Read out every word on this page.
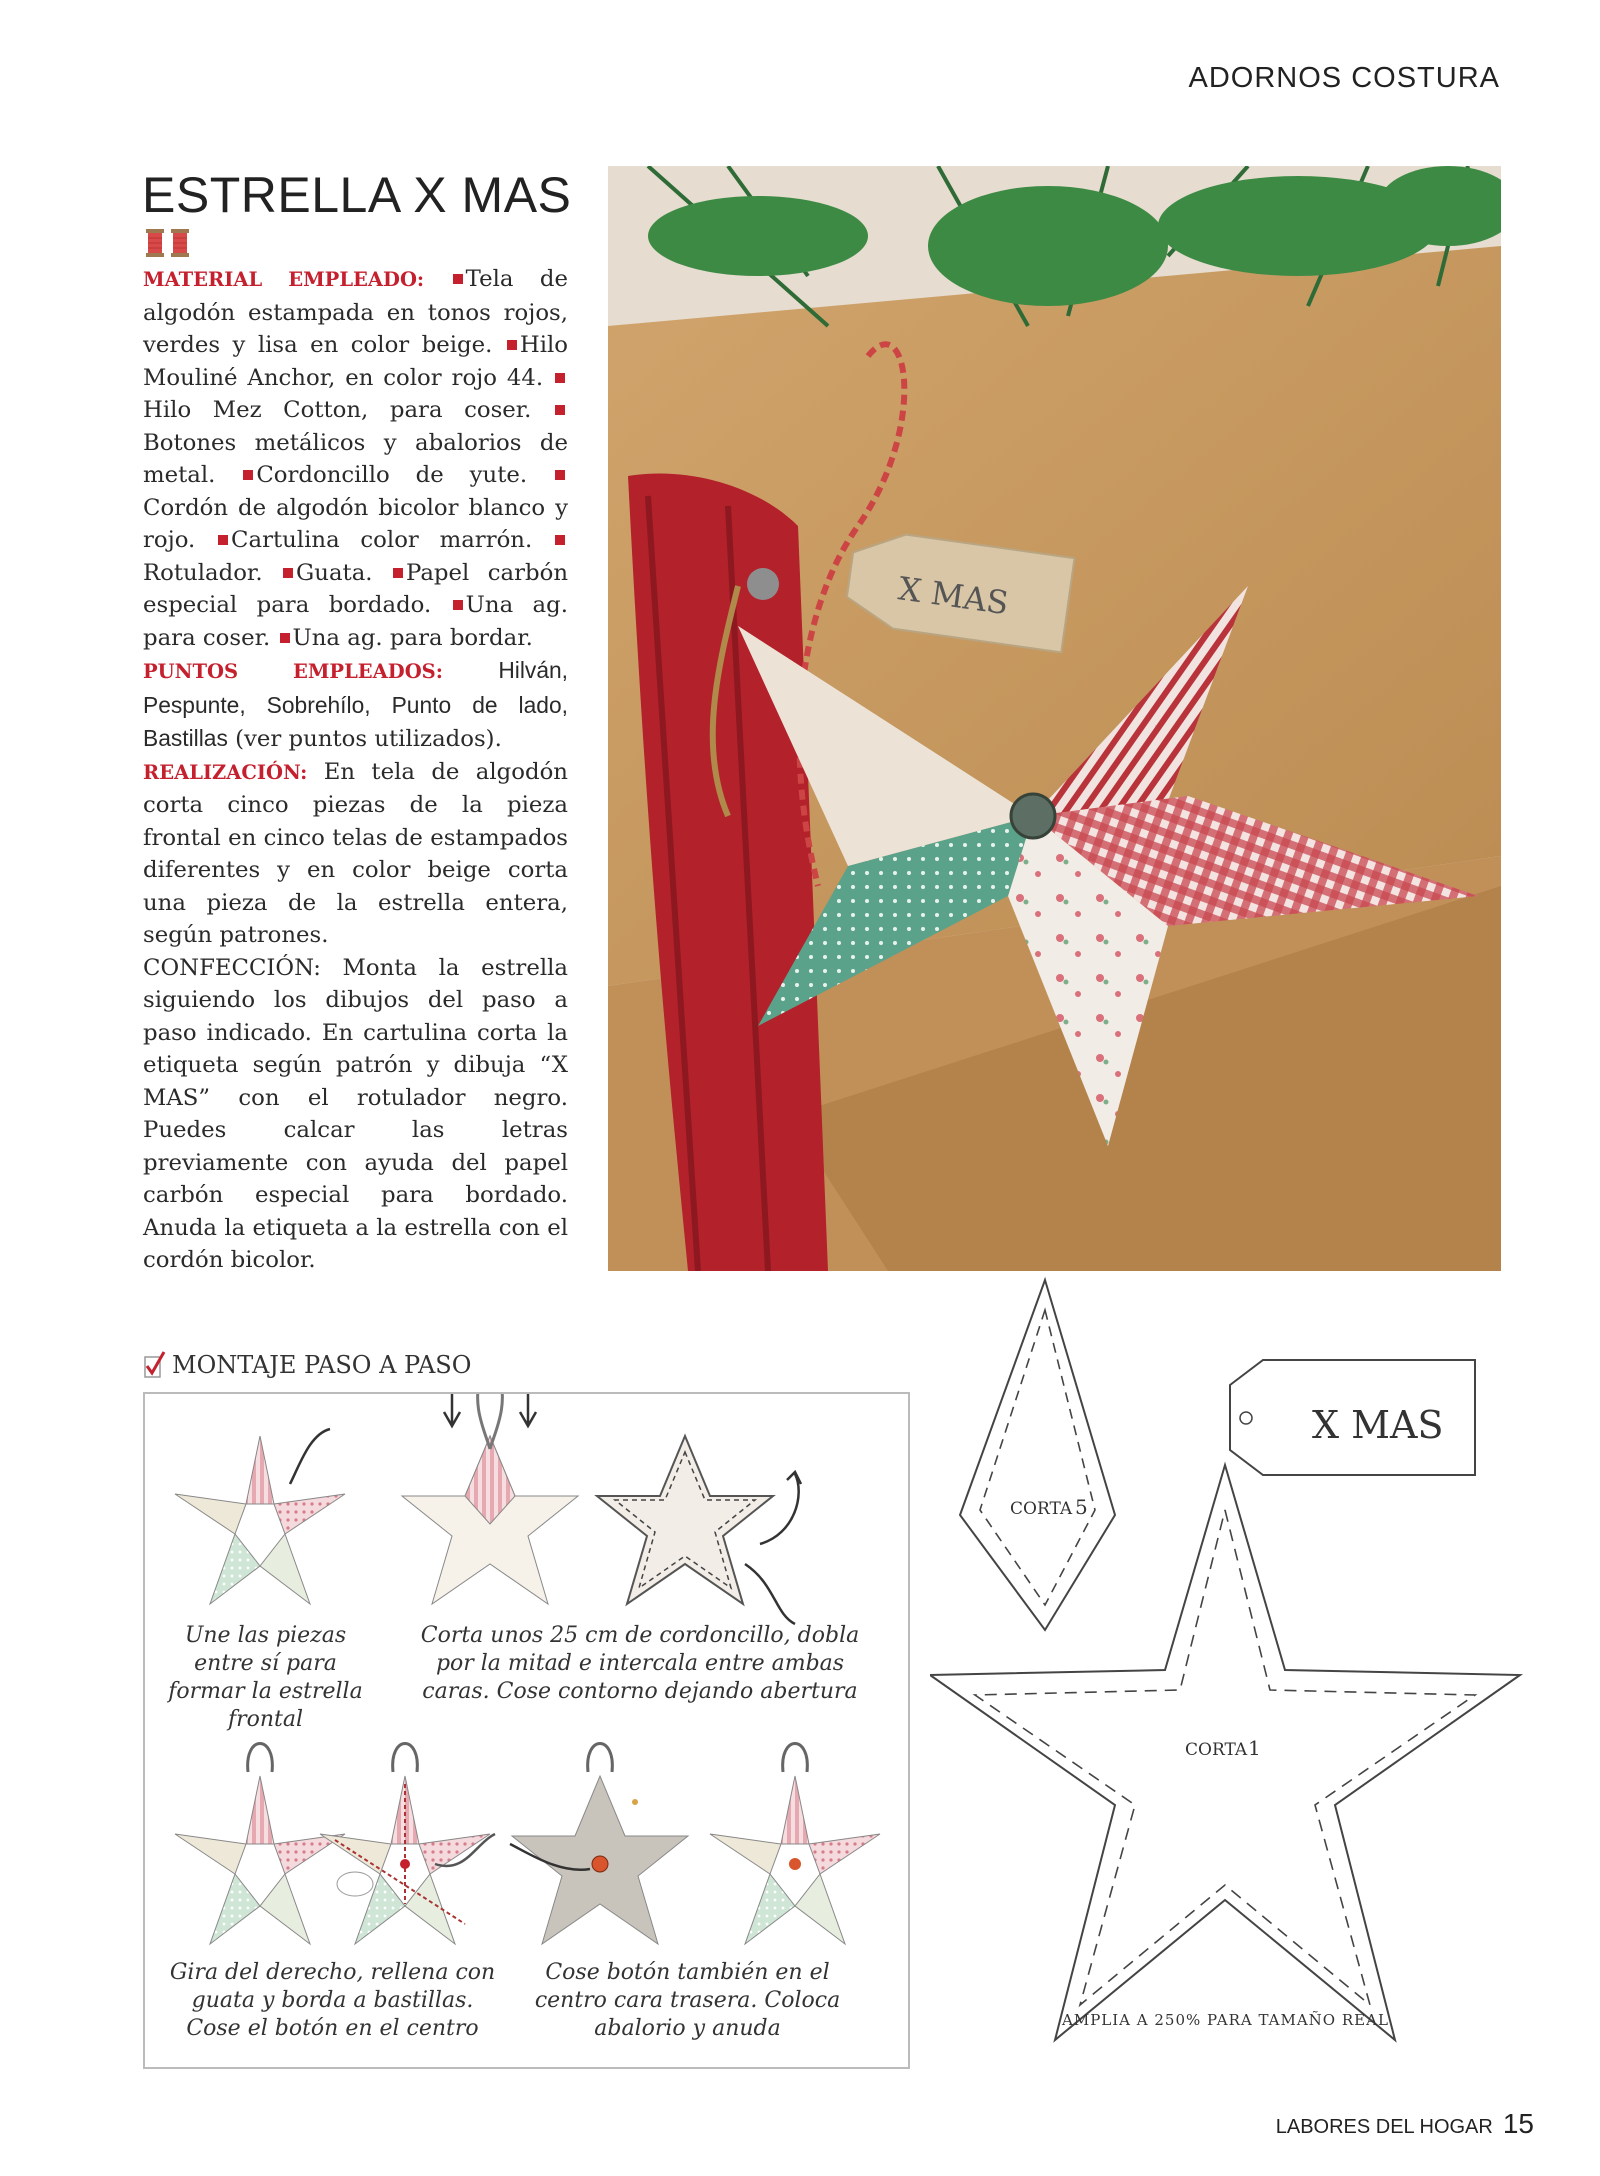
ADORNOS COSTURA
ESTRELLA X MAS

MATERIAL EMPLEADO: Tela de algodón estampada en tonos rojos, verdes y lisa en color beige. Hilo Mouliné Anchor, en color rojo 44. Hilo Mez Cotton, para coser. Botones metálicos y abalorios de metal. Cordoncillo de yute. Cordón de algodón bicolor blanco y rojo. Cartulina color marrón. Rotulador. Guata. Papel carbón especial para bordado. Una ag. para coser. Una ag. para bordar.

PUNTOS EMPLEADOS: Hilván, Pespunte, Sobrehílo, Punto de lado, Bastillas (ver puntos utilizados).

REALIZACIÓN: En tela de algodón corta cinco piezas de la pieza frontal en cinco telas de estampados diferentes y en color beige corta una pieza de la estrella entera, según patrones.

CONFECCIÓN: Monta la estrella siguiendo los dibujos del paso a paso indicado. En cartulina corta la etiqueta según patrón y dibuja “X MAS” con el rotulador negro. Puedes calcar las letras previamente con ayuda del papel carbón especial para bordado. Anuda la etiqueta a la estrella con el cordón bicolor.

X MAS
MONTAJE PASO A PASO
Une las piezas entre sí para formar la estrella frontal
Corta unos 25 cm de cordoncillo, dobla por la mitad e intercala entre ambas caras. Cose contorno dejando abertura
Gira del derecho, rellena con guata y borda a bastillas. Cose el botón en el centro
Cose botón también en el centro cara trasera. Coloca abalorio y anuda
CORTA 5
X MAS
CORTA 1
AMPLIA A 250% PARA TAMAÑO REAL
LABORES DEL HOGAR 15
